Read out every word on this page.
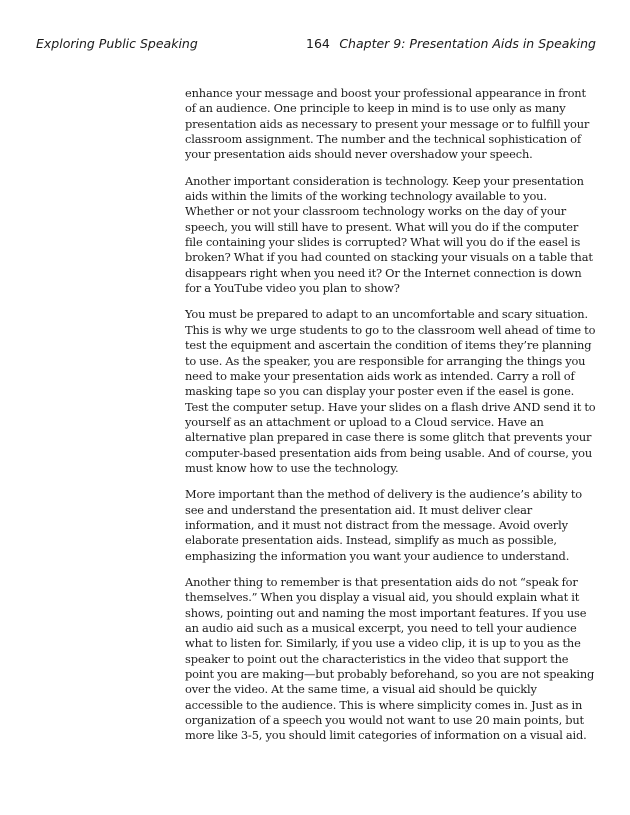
Exploring Public Speaking	164 Chapter 9: Presentation Aids in Speaking

enhance your message and boost your professional appearance in front of an audience. One principle to keep in mind is to use only as many presentation aids as necessary to present your message or to fulfill your classroom assignment. The number and the technical sophistication of your presentation aids should never overshadow your speech.

Another important consideration is technology. Keep your presentation aids within the limits of the working technology available to you. Whether or not your classroom technology works on the day of your speech, you will still have to present. What will you do if the computer file containing your slides is corrupted? What will you do if the easel is broken? What if you had counted on stacking your visuals on a table that disappears right when you need it? Or the Internet connection is down for a YouTube video you plan to show?

You must be prepared to adapt to an uncomfortable and scary situation. This is why we urge students to go to the classroom well ahead of time to test the equipment and ascertain the condition of items they’re planning to use. As the speaker, you are responsible for arranging the things you need to make your presentation aids work as intended. Carry a roll of masking tape so you can display your poster even if the easel is gone. Test the computer setup. Have your slides on a flash drive AND send it to yourself as an attachment or upload to a Cloud service. Have an alternative plan prepared in case there is some glitch that prevents your computer-based presentation aids from being usable. And of course, you must know how to use the technology.

More important than the method of delivery is the audience’s ability to see and understand the presentation aid. It must deliver clear information, and it must not distract from the message. Avoid overly elaborate presentation aids. Instead, simplify as much as possible, emphasizing the information you want your audience to understand.

Another thing to remember is that presentation aids do not “speak for themselves.” When you display a visual aid, you should explain what it shows, pointing out and naming the most important features. If you use an audio aid such as a musical excerpt, you need to tell your audience what to listen for. Similarly, if you use a video clip, it is up to you as the speaker to point out the characteristics in the video that support the point you are making—but probably beforehand, so you are not speaking over the video. At the same time, a visual aid should be quickly accessible to the audience. This is where simplicity comes in. Just as in organization of a speech you would not want to use 20 main points, but more like 3-5, you should limit categories of information on a visual aid.
